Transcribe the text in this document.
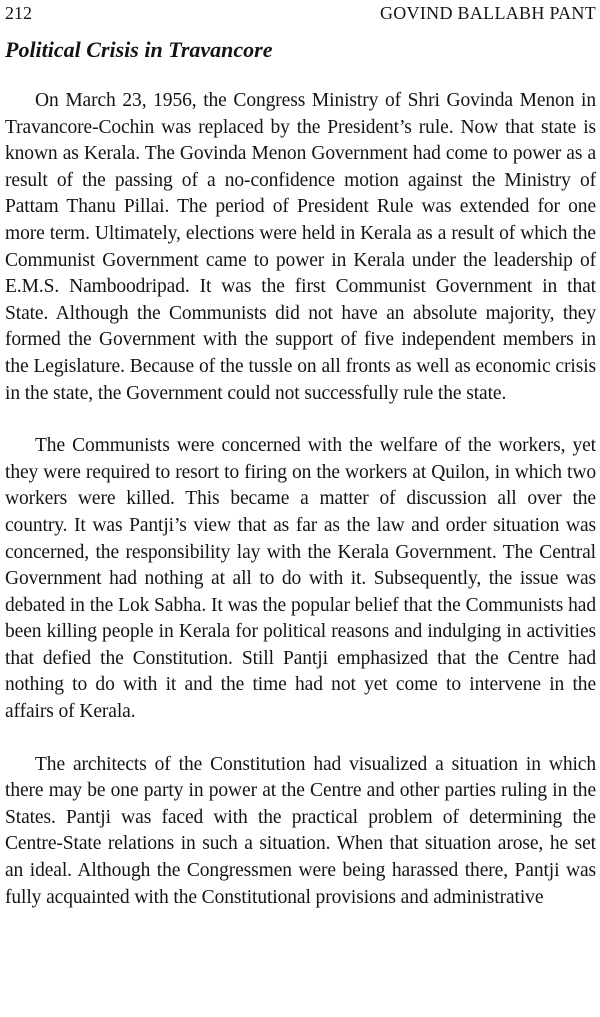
212	GOVIND BALLABH PANT
Political Crisis in Travancore

On March 23, 1956, the Congress Ministry of Shri Govinda Menon in Travancore-Cochin was replaced by the President’s rule. Now that state is known as Kerala. The Govinda Menon Government had come to power as a result of the passing of a no-confidence motion against the Ministry of Pattam Thanu Pillai. The period of President Rule was extended for one more term. Ultimately, elections were held in Kerala as a result of which the Communist Government came to power in Kerala under the leadership of E.M.S. Namboodripad. It was the first Communist Government in that State. Although the Communists did not have an absolute majority, they formed the Government with the support of five independent members in the Legislature. Because of the tussle on all fronts as well as economic crisis in the state, the Government could not successfully rule the state.

The Communists were concerned with the welfare of the workers, yet they were required to resort to firing on the workers at Quilon, in which two workers were killed. This became a matter of discussion all over the country. It was Pantji’s view that as far as the law and order situation was concerned, the responsibility lay with the Kerala Government. The Central Government had nothing at all to do with it. Subsequently, the issue was debated in the Lok Sabha. It was the popular belief that the Communists had been killing people in Kerala for political reasons and indulging in activities that defied the Constitution. Still Pantji emphasized that the Centre had nothing to do with it and the time had not yet come to intervene in the affairs of Kerala.

The architects of the Constitution had visualized a situation in which there may be one party in power at the Centre and other parties ruling in the States. Pantji was faced with the practical problem of determining the Centre-State relations in such a situation. When that situation arose, he set an ideal. Although the Congressmen were being harassed there, Pantji was fully acquainted with the Constitutional provisions and administrative
